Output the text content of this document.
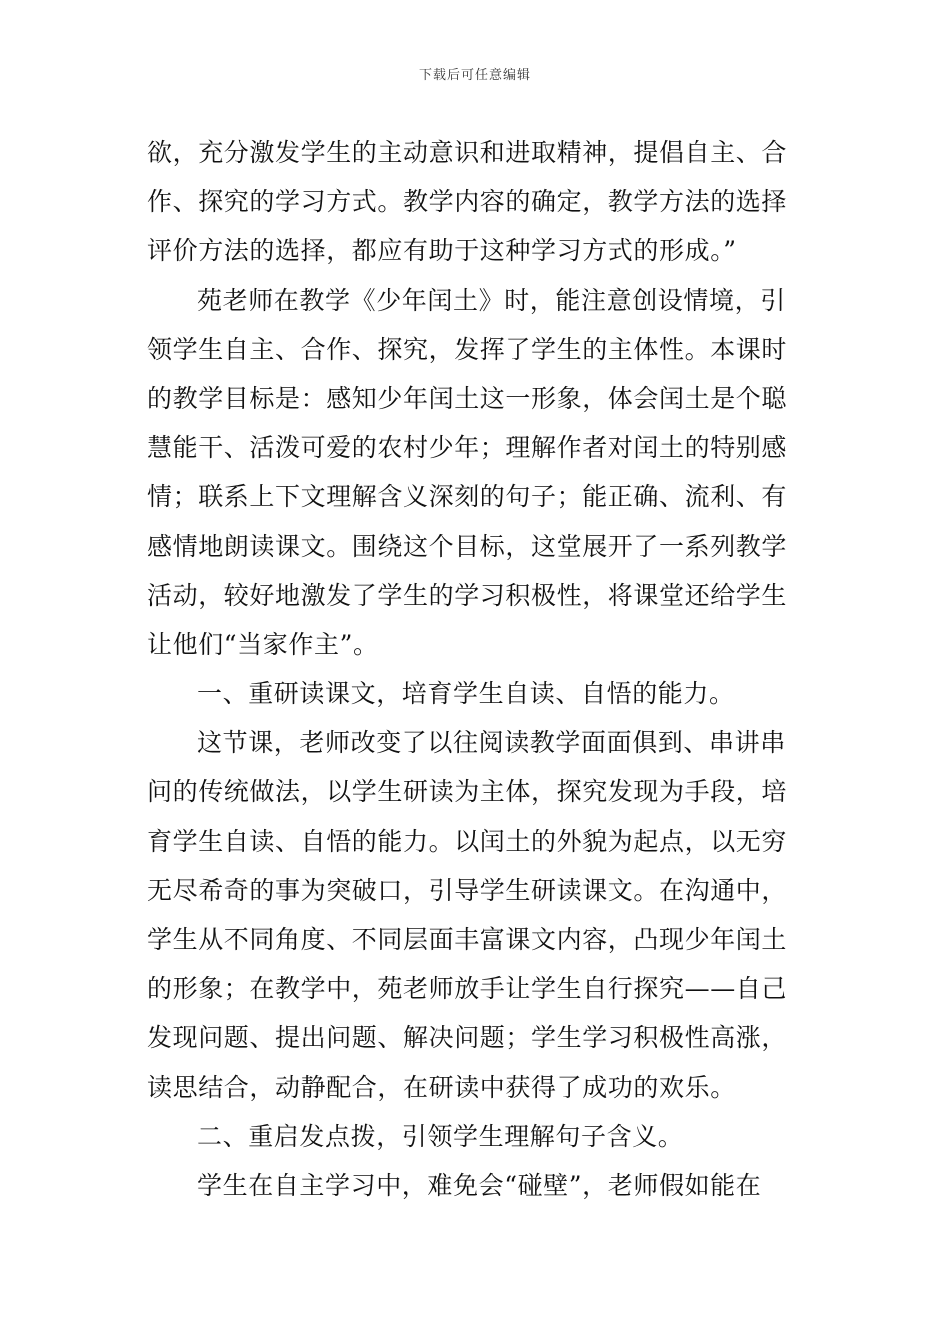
下载后可任意编辑
欲，充分激发学生的主动意识和进取精神，提倡自主、合
作、探究的学习方式。教学内容的确定，教学方法的选择
评价方法的选择，都应有助于这种学习方式的形成。”
苑老师在教学《少年闰土》时，能注意创设情境，引
领学生自主、合作、探究，发挥了学生的主体性。本课时
的教学目标是：感知少年闰土这一形象，体会闰土是个聪
慧能干、活泼可爱的农村少年；理解作者对闰土的特别感
情；联系上下文理解含义深刻的句子；能正确、流利、有
感情地朗读课文。围绕这个目标，这堂展开了一系列教学
活动，较好地激发了学生的学习积极性，将课堂还给学生
让他们“当家作主”。
一、重研读课文，培育学生自读、自悟的能力。
这节课，老师改变了以往阅读教学面面俱到、串讲串
问的传统做法，以学生研读为主体，探究发现为手段，培
育学生自读、自悟的能力。以闰土的外貌为起点，以无穷
无尽希奇的事为突破口，引导学生研读课文。在沟通中，
学生从不同角度、不同层面丰富课文内容，凸现少年闰土
的形象；在教学中，苑老师放手让学生自行探究——自己
发现问题、提出问题、解决问题；学生学习积极性高涨，
读思结合，动静配合，在研读中获得了成功的欢乐。
二、重启发点拨，引领学生理解句子含义。
学生在自主学习中，难免会“碰壁”，老师假如能在
